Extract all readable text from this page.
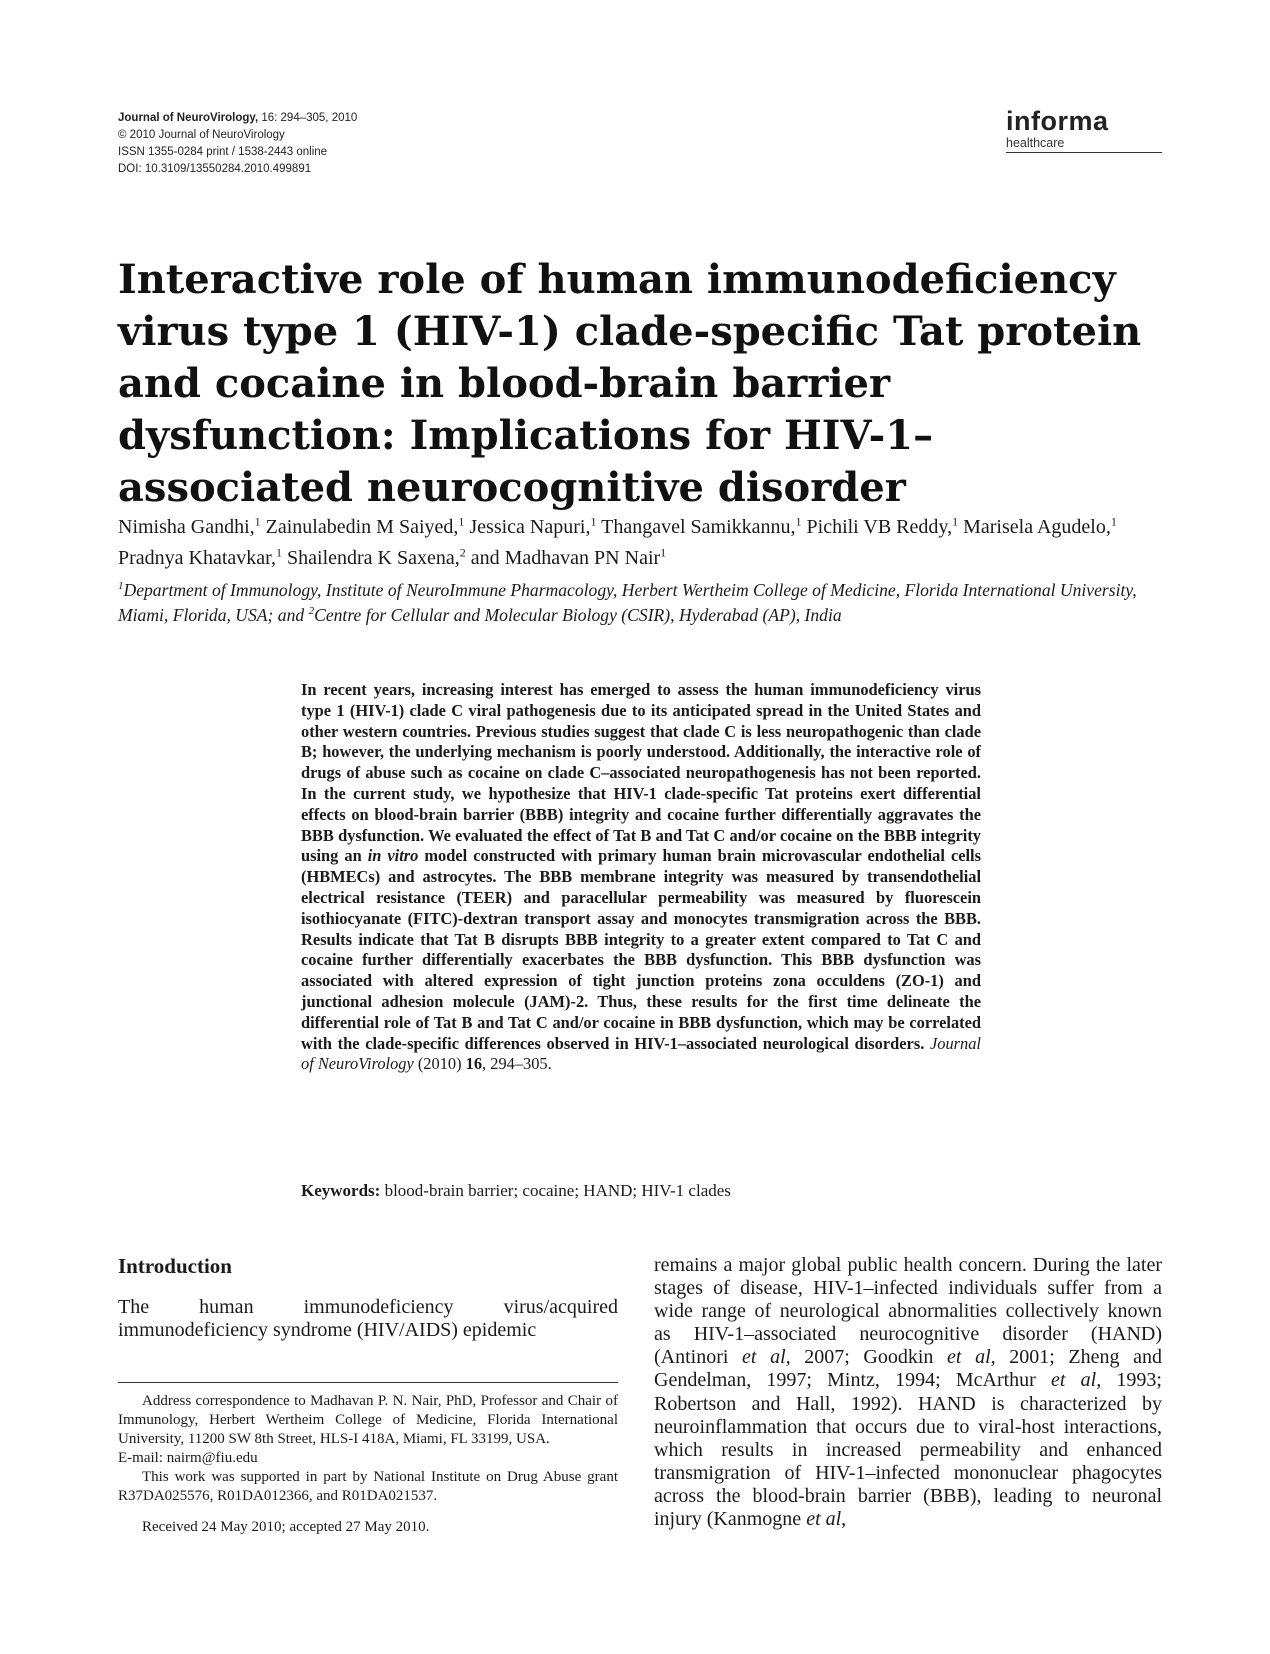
Journal of NeuroVirology, 16: 294–305, 2010
© 2010 Journal of NeuroVirology
ISSN 1355-0284 print / 1538-2443 online
DOI: 10.3109/13550284.2010.499891
informa
healthcare
Interactive role of human immunodeficiency virus type 1 (HIV-1) clade-specific Tat protein and cocaine in blood-brain barrier dysfunction: Implications for HIV-1–associated neurocognitive disorder
Nimisha Gandhi,$^1$ Zainulabedin M Saiyed,$^1$ Jessica Napuri,$^1$ Thangavel Samikkannu,$^1$ Pichili VB Reddy,$^1$ Marisela Agudelo,$^1$ Pradnya Khatavkar,$^1$ Shailendra K Saxena,$^2$ and Madhavan PN Nair$^1$
$^1$Department of Immunology, Institute of NeuroImmune Pharmacology, Herbert Wertheim College of Medicine, Florida International University, Miami, Florida, USA; and $^2$Centre for Cellular and Molecular Biology (CSIR), Hyderabad (AP), India
In recent years, increasing interest has emerged to assess the human immunodeficiency virus type 1 (HIV-1) clade C viral pathogenesis due to its anticipated spread in the United States and other western countries. Previous studies suggest that clade C is less neuropathogenic than clade B; however, the underlying mechanism is poorly understood. Additionally, the interactive role of drugs of abuse such as cocaine on clade C–associated neuropathogenesis has not been reported. In the current study, we hypothesize that HIV-1 clade-specific Tat proteins exert differential effects on blood-brain barrier (BBB) integrity and cocaine further differentially aggravates the BBB dysfunction. We evaluated the effect of Tat B and Tat C and/or cocaine on the BBB integrity using an in vitro model constructed with primary human brain microvascular endothelial cells (HBMECs) and astrocytes. The BBB membrane integrity was measured by transendothelial electrical resistance (TEER) and paracellular permeability was measured by fluorescein isothiocyanate (FITC)-dextran transport assay and monocytes transmigration across the BBB. Results indicate that Tat B disrupts BBB integrity to a greater extent compared to Tat C and cocaine further differentially exacerbates the BBB dysfunction. This BBB dysfunction was associated with altered expression of tight junction proteins zona occuldens (ZO-1) and junctional adhesion molecule (JAM)-2. Thus, these results for the first time delineate the differential role of Tat B and Tat C and/or cocaine in BBB dysfunction, which may be correlated with the clade-specific differences observed in HIV-1–associated neurological disorders. Journal of NeuroVirology (2010) 16, 294–305.
Keywords: blood-brain barrier; cocaine; HAND; HIV-1 clades
Introduction

The human immunodeficiency virus/acquired immunodeficiency syndrome (HIV/AIDS) epidemic

Address correspondence to Madhavan P. N. Nair, PhD, Professor and Chair of Immunology, Herbert Wertheim College of Medicine, Florida International University, 11200 SW 8th Street, HLS-I 418A, Miami, FL 33199, USA.

E-mail: nairm@fiu.edu

This work was supported in part by National Institute on Drug Abuse grant R37DA025576, R01DA012366, and R01DA021537.

Received 24 May 2010; accepted 27 May 2010.

remains a major global public health concern. During the later stages of disease, HIV-1–infected individuals suffer from a wide range of neurological abnormalities collectively known as HIV-1–associated neurocognitive disorder (HAND) (Antinori et al, 2007; Goodkin et al, 2001; Zheng and Gendelman, 1997; Mintz, 1994; McArthur et al, 1993; Robertson and Hall, 1992). HAND is characterized by neuroinflammation that occurs due to viral-host interactions, which results in increased permeability and enhanced transmigration of HIV-1–infected mononuclear phagocytes across the blood-brain barrier (BBB), leading to neuronal injury (Kanmogne et al,
